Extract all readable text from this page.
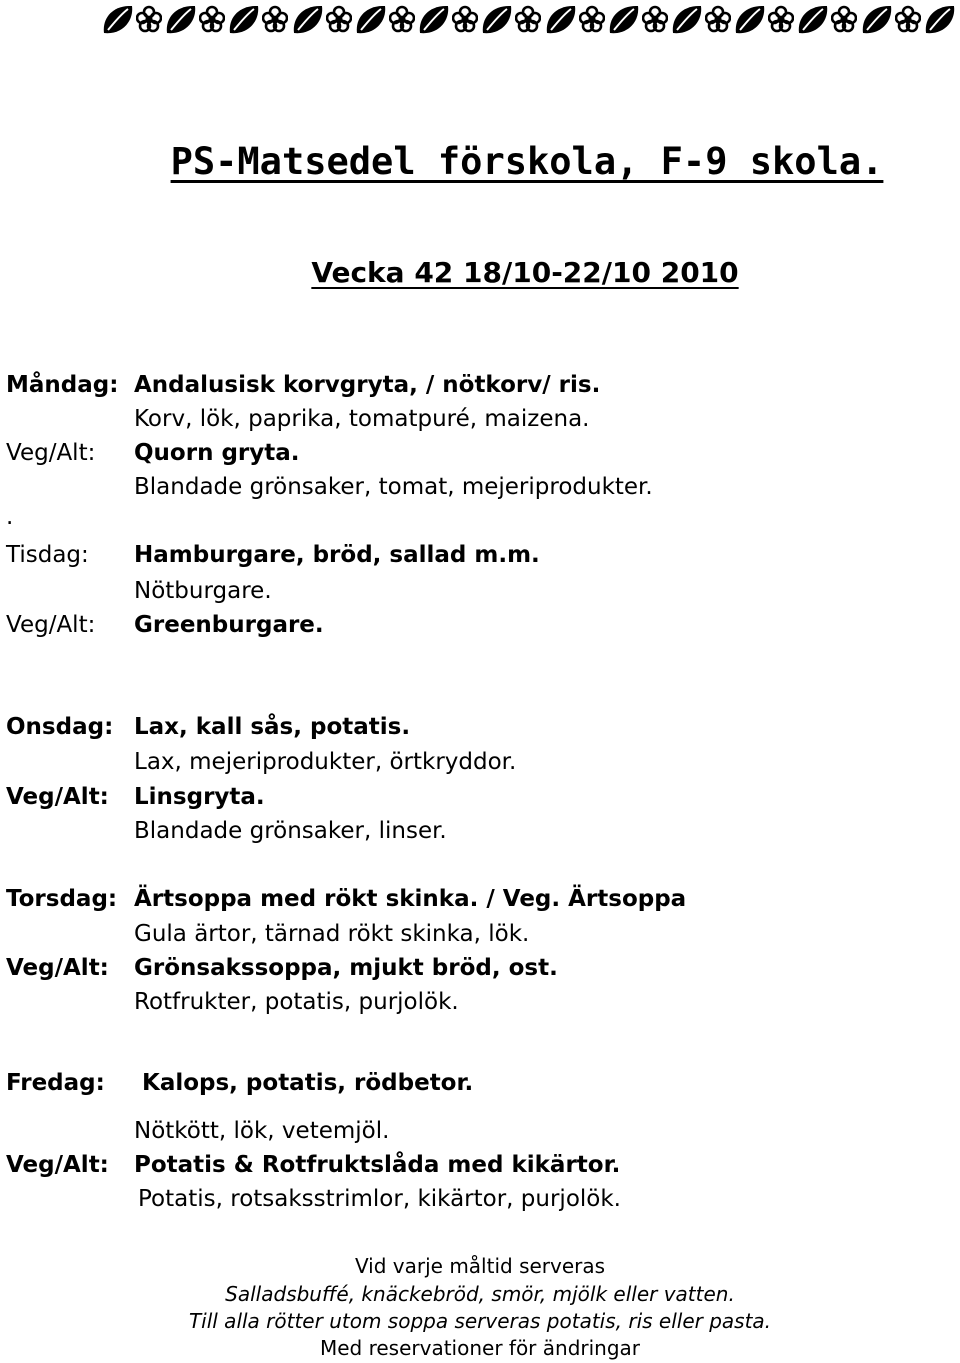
PS-Matsedel förskola, F-9 skola.
Vecka 42 18/10-22/10 2010
Måndag: Andalusisk korvgryta, / nötkorv/ ris.
Korv, lök, paprika, tomatpuré, maizena.
Veg/Alt: Quorn gryta.
Blandade grönsaker, tomat, mejeriprodukter.
.
Tisdag: Hamburgare, bröd, sallad m.m.
Nötburgare.
Veg/Alt: Greenburgare.
Onsdag: Lax, kall sås, potatis.
Lax, mejeriprodukter, örtkryddor.
Veg/Alt: Linsgryta.
Blandade grönsaker, linser.
Torsdag: Ärtsoppa med rökt skinka. / Veg. Ärtsoppa
Gula ärtor, tärnad rökt skinka, lök.
Veg/Alt: Grönsakssoppa, mjukt bröd, ost.
Rotfrukter, potatis, purjolök.
Fredag: Kalops, potatis, rödbetor.
Nötkött, lök, vetemjöl.
Veg/Alt: Potatis & Rotfruktslåda med kikärtor.
Potatis, rotsaksstrimlor, kikärtor, purjolök.
Vid varje måltid serveras
Salladsbuffé, knäckebröd, smör, mjölk eller vatten.
Till alla rötter utom soppa serveras potatis, ris eller pasta.
Med reservationer för ändringar
